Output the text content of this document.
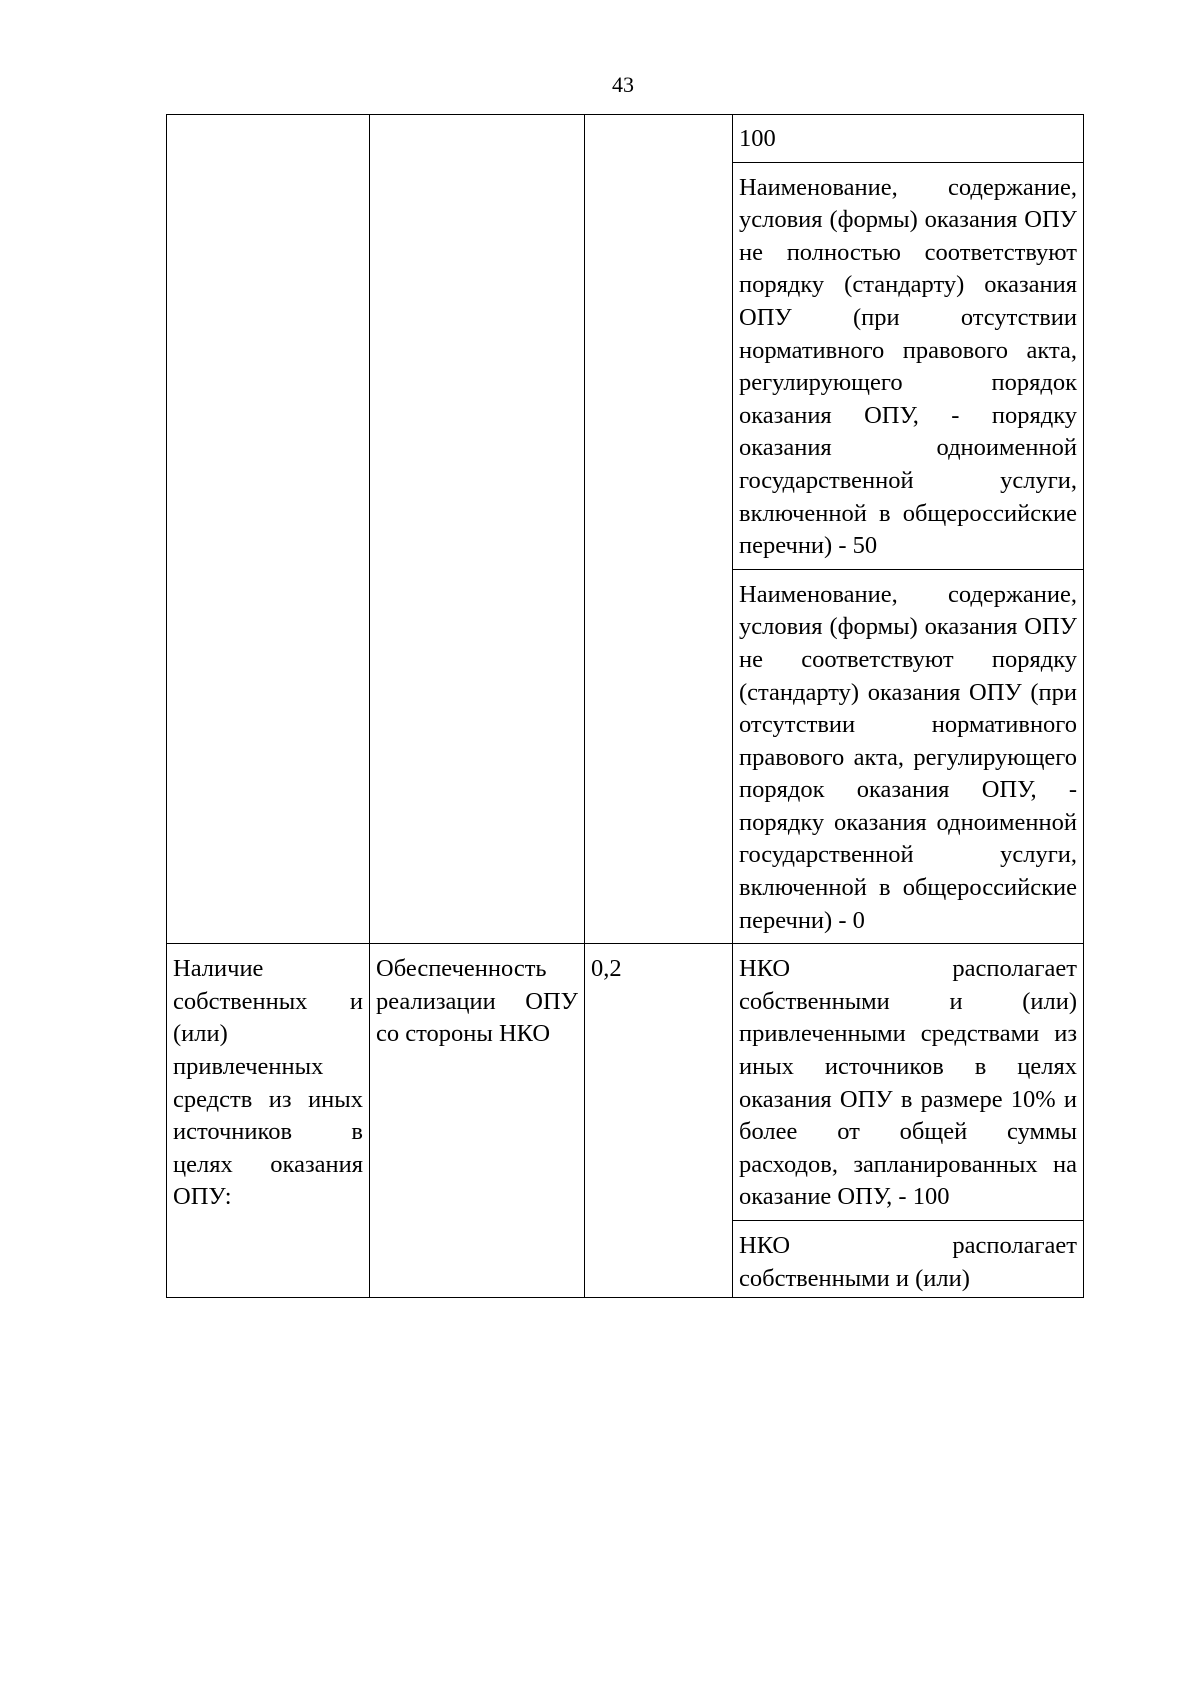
43
			100
			Наименование, содержание, условия (формы) оказания ОПУ не полностью соответствуют порядку (стандарту) оказания ОПУ (при отсутствии нормативного правового акта, регулирующего порядок оказания ОПУ, - порядку оказания одноименной государственной услуги, включенной в общероссийские перечни) - 50
			Наименование, содержание, условия (формы) оказания ОПУ не соответствуют порядку (стандарту) оказания ОПУ (при отсутствии нормативного правового акта, регулирующего порядок оказания ОПУ, - порядку оказания одноименной государственной услуги, включенной в общероссийские перечни) - 0
Наличие собственных и (или) привлеченных средств из иных источников в целях оказания ОПУ:	Обеспеченность реализации ОПУ со стороны НКО	0,2	НКО располагает собственными и (или) привлеченными средствами из иных источников в целях оказания ОПУ в размере 10% и более от общей суммы расходов, запланированных на оказание ОПУ, - 100
			НКО располагает собственными и (или)
